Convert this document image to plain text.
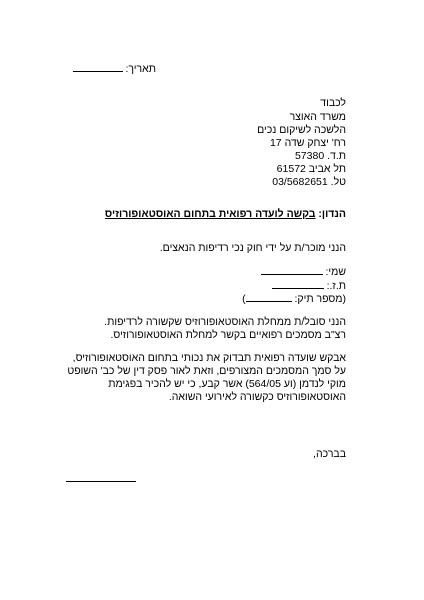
תאריך:
לכבוד
משרד האוצר
הלשכה לשיקום נכים
רח' יצחק שדה 17
ת.ד. 57380
תל אביב 61572
טל. 03/5682651
הנדון: בקשה לועדה רפואית בתחום האוסטאופורוזיס
הנני מוכר/ת על ידי חוק נכי רדיפות הנאצים.
שמי:
ת.ז.:
(מספר תיק: )
הנני סובל/ת ממחלת האוסטאופורוזיס שקשורה לרדיפות.
רצ"ב מסמכים רפואיים בקשר למחלת האוסטאופורוזיס.
אבקש שועדה רפואית תבדוק את נכותי בתחום האוסטאופורוזיס,
על סמך המסמכים המצורפים, וזאת לאור פסק דין של כב' השופט
מוקי לנדמן (וע 564/05) אשר קבע, כי יש להכיר בפגימת
האוסטאופורוזיס כקשורה לאירועי השואה.
בברכה,
